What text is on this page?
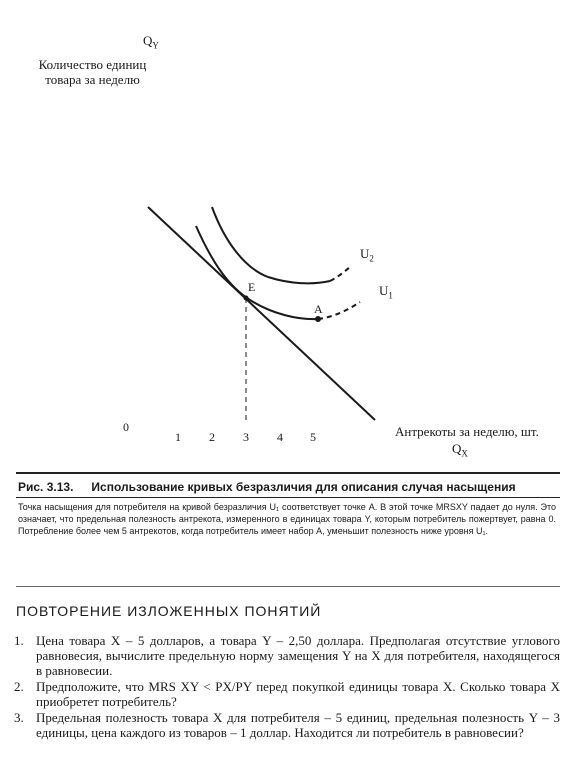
$Q_Y$
Количество единиц
товара за неделю
$U_2$
$U_1$
E
A
0
1 2 3 4 5	Антрекоты за неделю, шт.
$Q_X$
Рис. 3.13. Использование кривых безразличия для описания случая насыщения
Точка насыщения для потребителя на кривой безразличия U₁ соответствует точке A. В этой точке MRSXY падает до нуля. Это означает, что предельная полезность антрекота, измеренного в единицах товара Y, которым потребитель пожертвует, равна 0. Потребление более чем 5 антрекотов, когда потребитель имеет набор A, уменьшит полезность ниже уровня U₁.
ПОВТОРЕНИЕ ИЗЛОЖЕННЫХ ПОНЯТИЙ
1. Цена товара X – 5 долларов, а товара Y – 2,50 доллара. Предполагая отсутствие углового равновесия, вычислите предельную норму замещения Y на X для потребителя, находящегося в равновесии.
2. Предположите, что MRS XY < PX/PY перед покупкой единицы товара X. Сколько товара X приобретет потребитель?
3. Предельная полезность товара X для потребителя – 5 единиц, предельная полезность Y – 3 единицы, цена каждого из товаров – 1 доллар. Находится ли потребитель в равновесии?
